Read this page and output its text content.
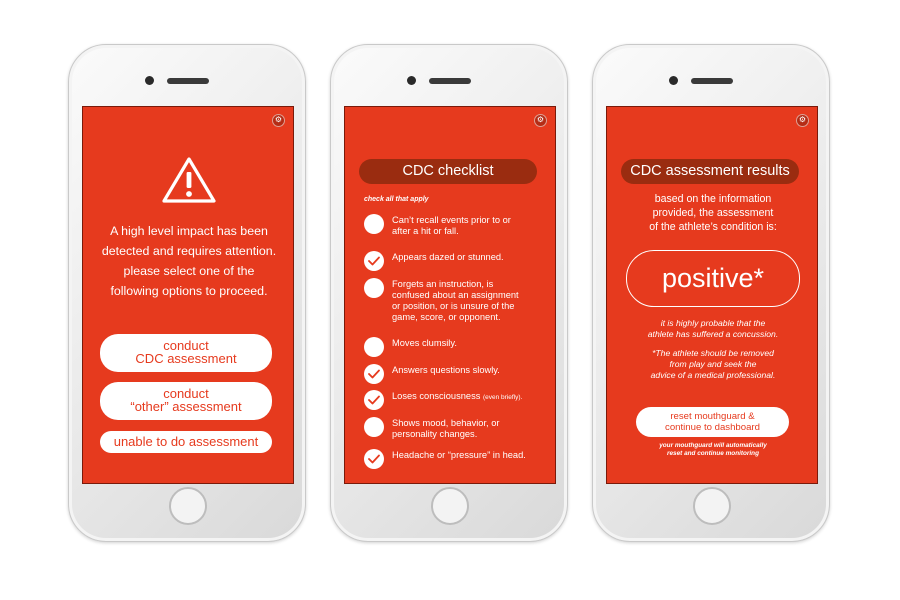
⚙
A high level impact has been
detected and requires attention.
please select one of the
following options to proceed.
conduct
CDC assessment
conduct
“other” assessment
unable to do assessment
⚙
CDC checklist
check all that apply
Can’t recall events prior to or
after a hit or fall.
Appears dazed or stunned.
Forgets an instruction, is
confused about an assignment
or position, or is unsure of the
game, score, or opponent.
Moves clumsily.
Answers questions slowly.
Loses consciousness (even briefly).
Shows mood, behavior, or
personality changes.
Headache or “pressure” in head.
⚙
CDC assessment results
based on the information
provided, the assessment
of the athlete’s condition is:
positive*
it is highly probable that the
athlete has suffered a concussion.
*The athlete should be removed
from play and seek the
advice of a medical professional.
reset mouthguard &
continue to dashboard
your mouthguard will automatically
reset and continue monitoring
